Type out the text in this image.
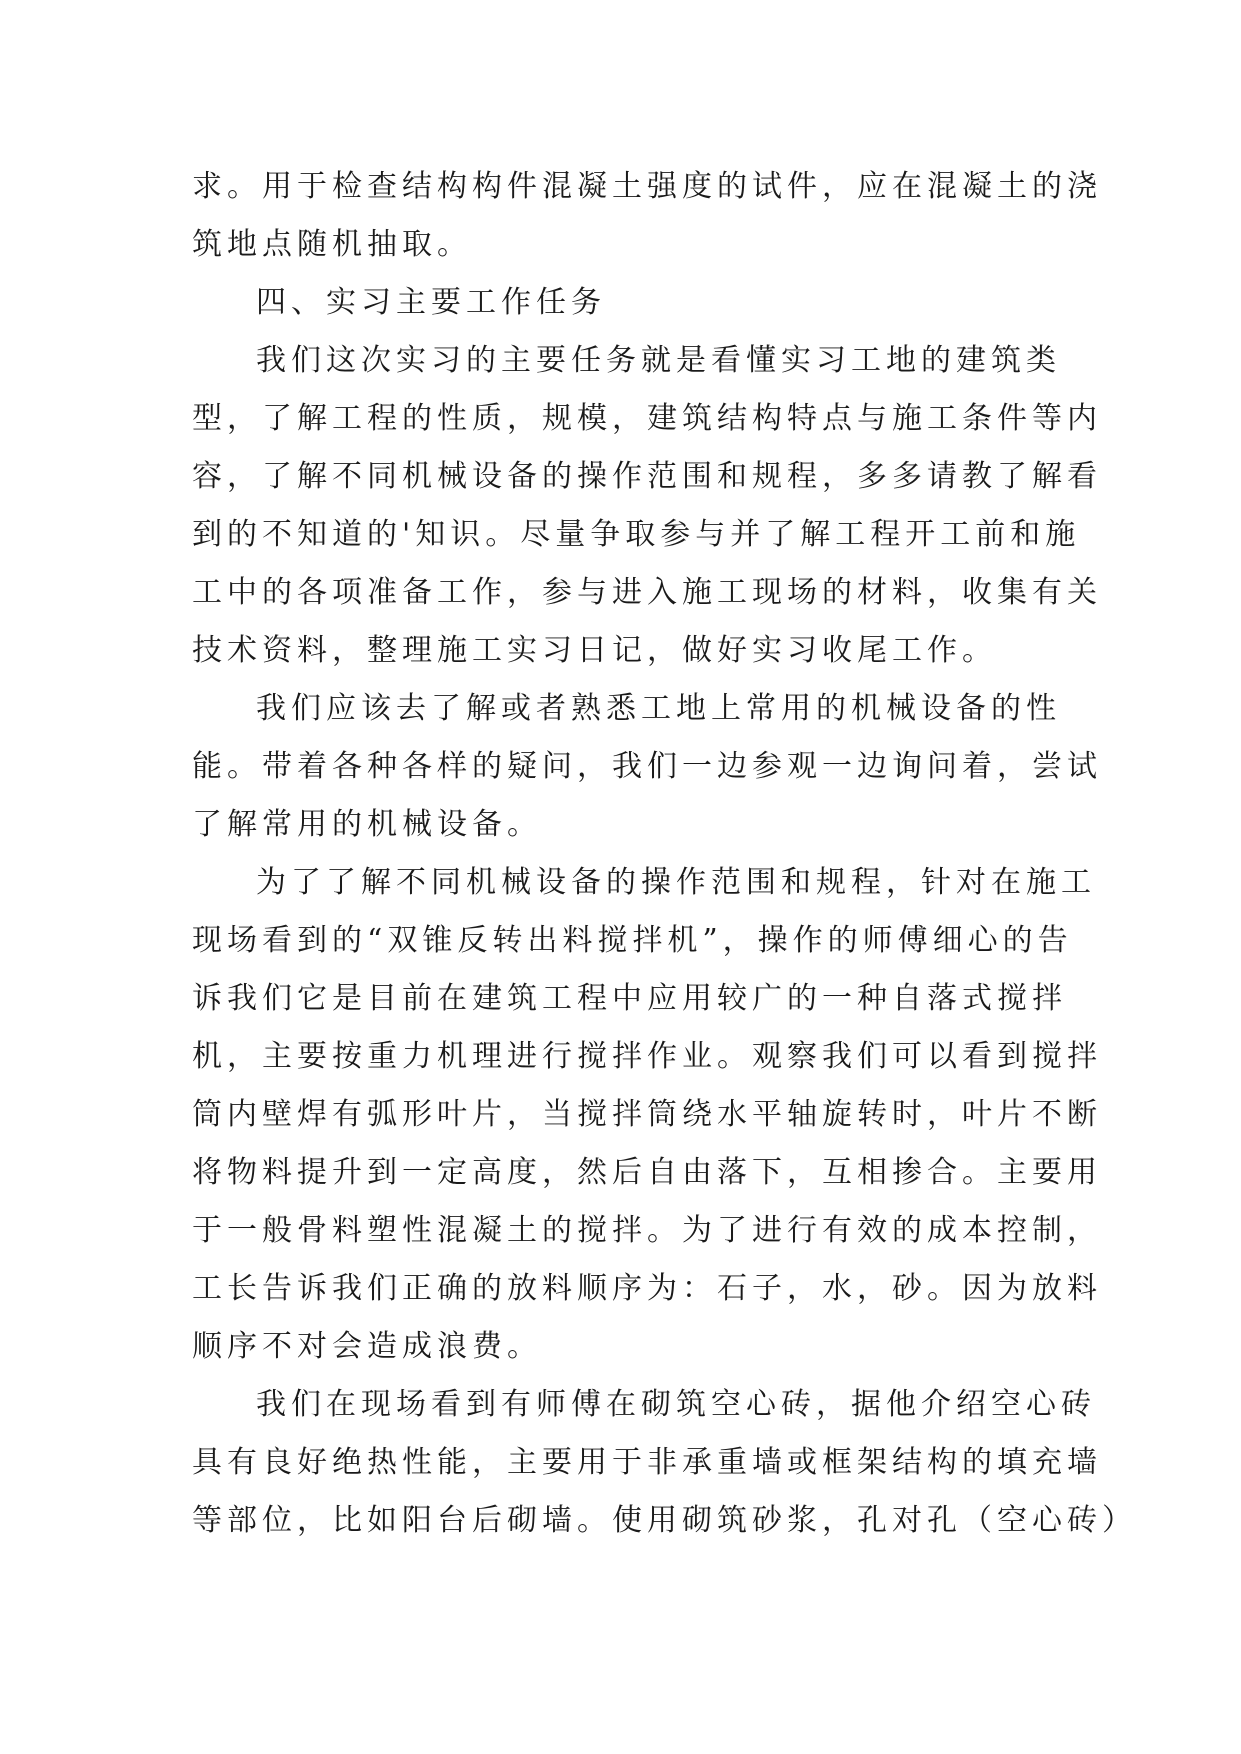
求。用于检查结构构件混凝土强度的试件，应在混凝土的浇
筑地点随机抽取。
四、实习主要工作任务
我们这次实习的主要任务就是看懂实习工地的建筑类
型，了解工程的性质，规模，建筑结构特点与施工条件等内
容，了解不同机械设备的操作范围和规程，多多请教了解看
到的不知道的'知识。尽量争取参与并了解工程开工前和施
工中的各项准备工作，参与进入施工现场的材料，收集有关
技术资料，整理施工实习日记，做好实习收尾工作。
我们应该去了解或者熟悉工地上常用的机械设备的性
能。带着各种各样的疑问，我们一边参观一边询问着，尝试
了解常用的机械设备。
为了了解不同机械设备的操作范围和规程，针对在施工
现场看到的“双锥反转出料搅拌机”，操作的师傅细心的告
诉我们它是目前在建筑工程中应用较广的一种自落式搅拌
机，主要按重力机理进行搅拌作业。观察我们可以看到搅拌
筒内壁焊有弧形叶片，当搅拌筒绕水平轴旋转时，叶片不断
将物料提升到一定高度，然后自由落下，互相掺合。主要用
于一般骨料塑性混凝土的搅拌。为了进行有效的成本控制，
工长告诉我们正确的放料顺序为：石子，水，砂。因为放料
顺序不对会造成浪费。
我们在现场看到有师傅在砌筑空心砖，据他介绍空心砖
具有良好绝热性能，主要用于非承重墙或框架结构的填充墙
等部位，比如阳台后砌墙。使用砌筑砂浆，孔对孔（空心砖）
